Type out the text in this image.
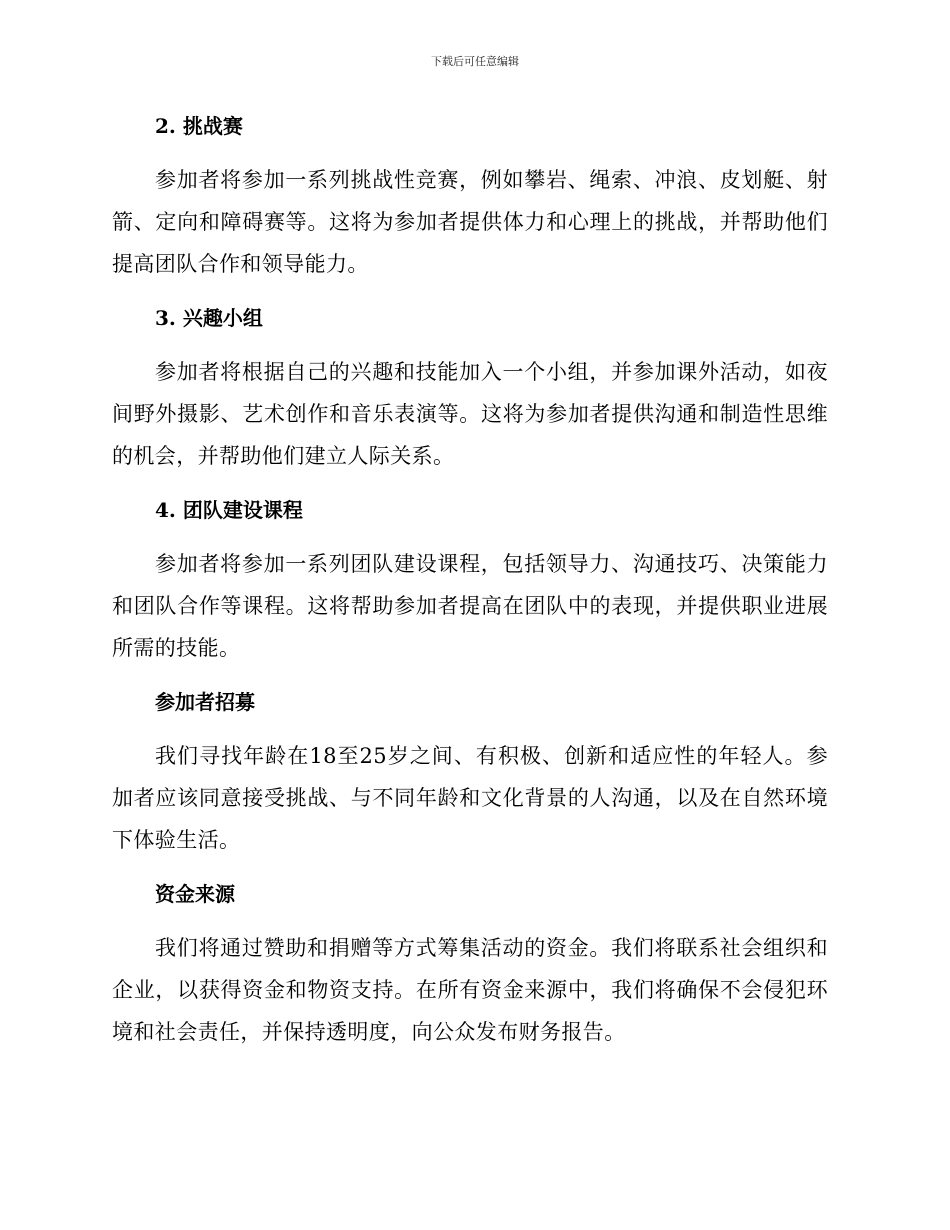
下载后可任意编辑
2. 挑战赛
参加者将参加一系列挑战性竞赛，例如攀岩、绳索、冲浪、皮划艇、射箭、定向和障碍赛等。这将为参加者提供体力和心理上的挑战，并帮助他们提高团队合作和领导能力。
3. 兴趣小组
参加者将根据自己的兴趣和技能加入一个小组，并参加课外活动，如夜间野外摄影、艺术创作和音乐表演等。这将为参加者提供沟通和制造性思维的机会，并帮助他们建立人际关系。
4. 团队建设课程
参加者将参加一系列团队建设课程，包括领导力、沟通技巧、决策能力和团队合作等课程。这将帮助参加者提高在团队中的表现，并提供职业进展所需的技能。
参加者招募
我们寻找年龄在18至25岁之间、有积极、创新和适应性的年轻人。参加者应该同意接受挑战、与不同年龄和文化背景的人沟通，以及在自然环境下体验生活。
资金来源
我们将通过赞助和捐赠等方式筹集活动的资金。我们将联系社会组织和企业，以获得资金和物资支持。在所有资金来源中，我们将确保不会侵犯环境和社会责任，并保持透明度，向公众发布财务报告。
